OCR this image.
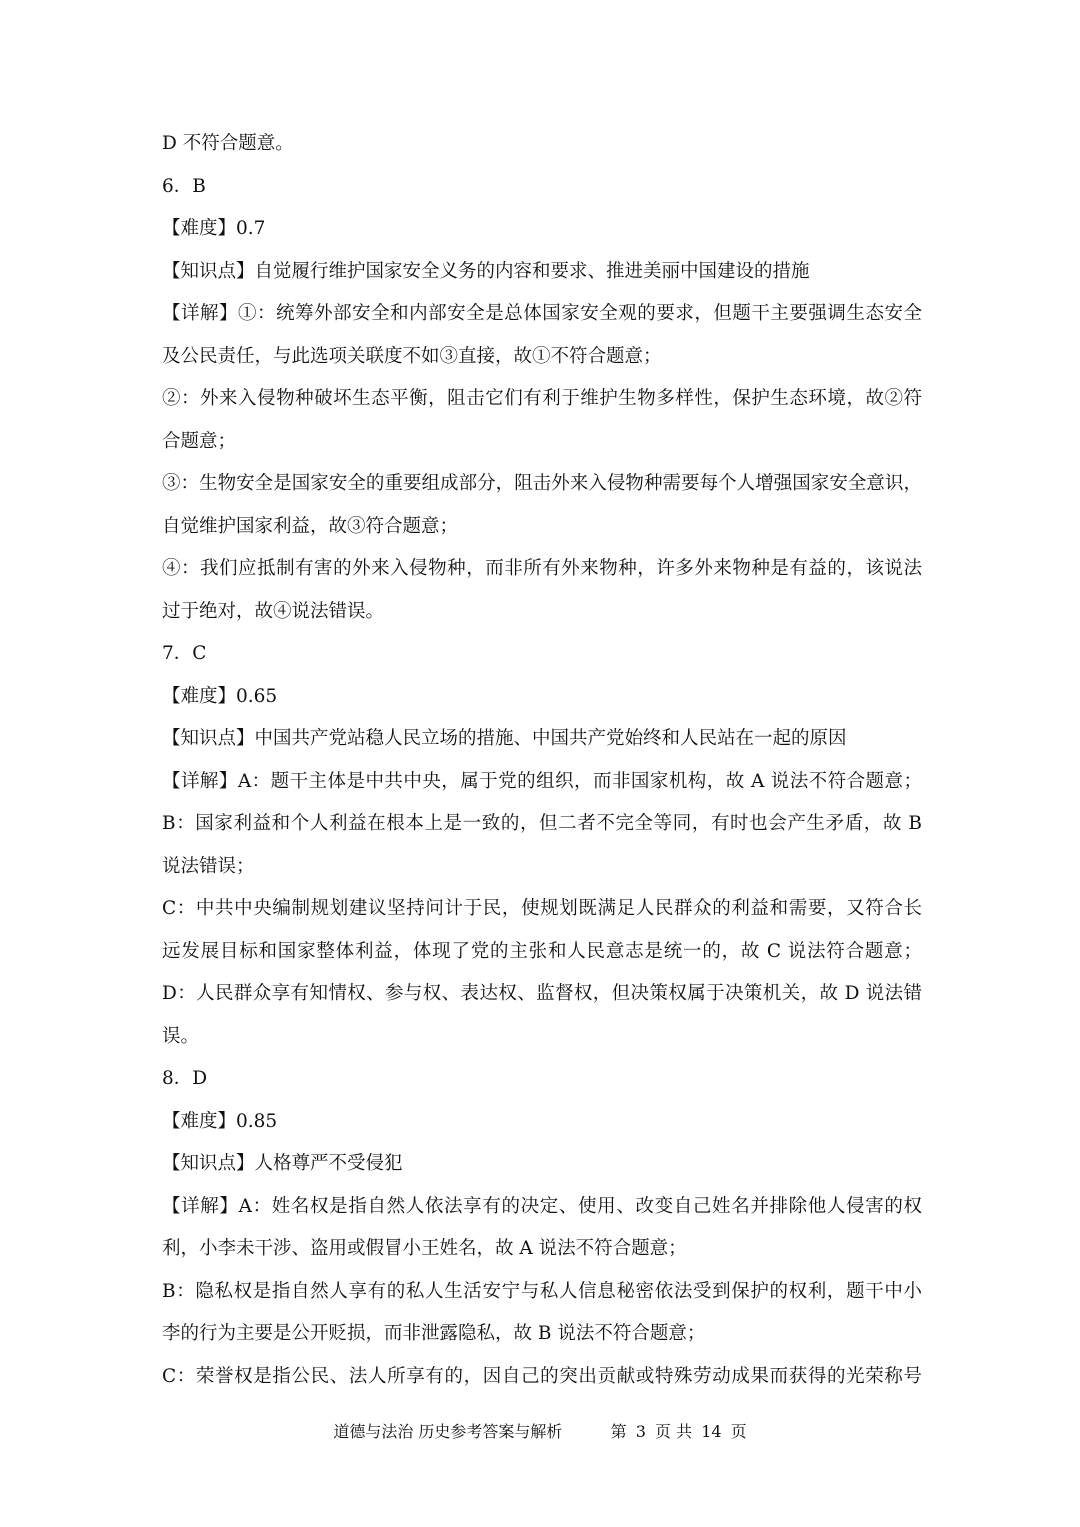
D 不符合题意。
6．B
【难度】0.7
【知识点】自觉履行维护国家安全义务的内容和要求、推进美丽中国建设的措施
【详解】①：统筹外部安全和内部安全是总体国家安全观的要求，但题干主要强调生态安全
及公民责任，与此选项关联度不如③直接，故①不符合题意；
②：外来入侵物种破坏生态平衡，阻击它们有利于维护生物多样性，保护生态环境，故②符
合题意；
③：生物安全是国家安全的重要组成部分，阻击外来入侵物种需要每个人增强国家安全意识，
自觉维护国家利益，故③符合题意；
④：我们应抵制有害的外来入侵物种，而非所有外来物种，许多外来物种是有益的，该说法
过于绝对，故④说法错误。
7．C
【难度】0.65
【知识点】中国共产党站稳人民立场的措施、中国共产党始终和人民站在一起的原因
【详解】A：题干主体是中共中央，属于党的组织，而非国家机构，故 A 说法不符合题意；
B：国家利益和个人利益在根本上是一致的，但二者不完全等同，有时也会产生矛盾，故 B
说法错误；
C：中共中央编制规划建议坚持问计于民，使规划既满足人民群众的利益和需要，又符合长
远发展目标和国家整体利益，体现了党的主张和人民意志是统一的，故 C 说法符合题意；
D：人民群众享有知情权、参与权、表达权、监督权，但决策权属于决策机关，故 D 说法错
误。
8．D
【难度】0.85
【知识点】人格尊严不受侵犯
【详解】A：姓名权是指自然人依法享有的决定、使用、改变自己姓名并排除他人侵害的权
利，小李未干涉、盗用或假冒小王姓名，故 A 说法不符合题意；
B：隐私权是指自然人享有的私人生活安宁与私人信息秘密依法受到保护的权利，题干中小
李的行为主要是公开贬损，而非泄露隐私，故 B 说法不符合题意；
C：荣誉权是指公民、法人所享有的，因自己的突出贡献或特殊劳动成果而获得的光荣称号
道德与法治 历史参考答案与解析	第 3 页 共 14 页
